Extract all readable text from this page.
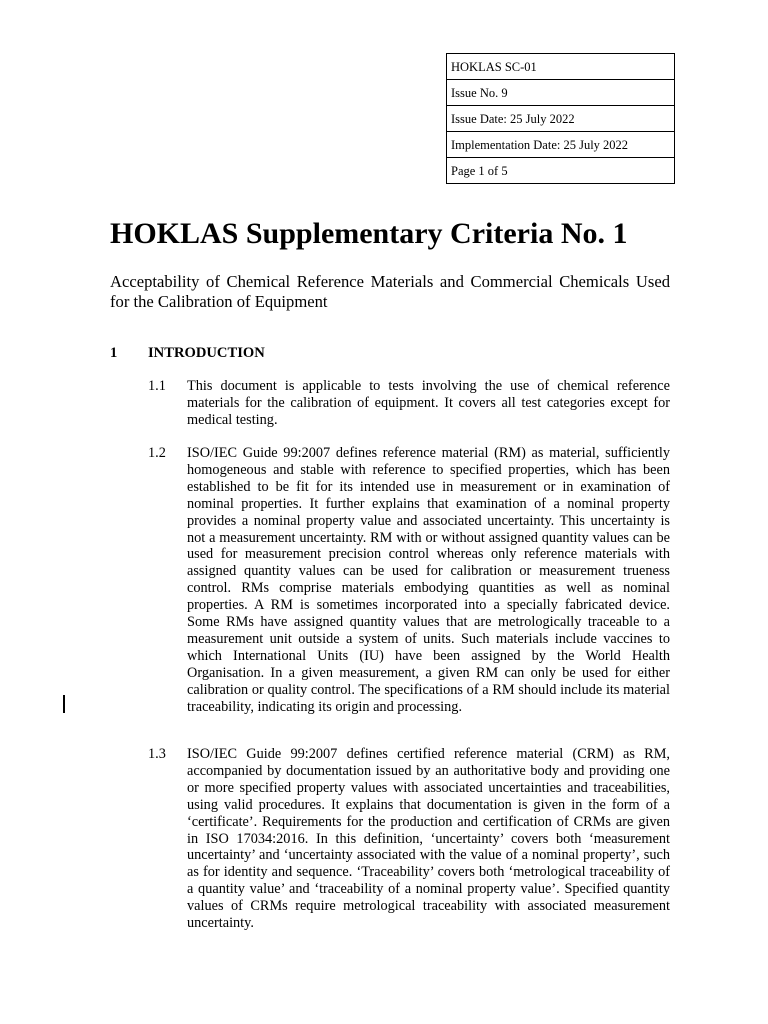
HOKLAS SC-01
Issue No. 9
Issue Date: 25 July 2022
Implementation Date: 25 July 2022
Page 1 of 5
HOKLAS Supplementary Criteria No. 1

Acceptability of Chemical Reference Materials and Commercial Chemicals Used for the Calibration of Equipment

1 INTRODUCTION
1.1 This document is applicable to tests involving the use of chemical reference materials for the calibration of equipment. It covers all test categories except for medical testing.
1.2 ISO/IEC Guide 99:2007 defines reference material (RM) as material, sufficiently homogeneous and stable with reference to specified properties, which has been established to be fit for its intended use in measurement or in examination of nominal properties. It further explains that examination of a nominal property provides a nominal property value and associated uncertainty. This uncertainty is not a measurement uncertainty. RM with or without assigned quantity values can be used for measurement precision control whereas only reference materials with assigned quantity values can be used for calibration or measurement trueness control. RMs comprise materials embodying quantities as well as nominal properties. A RM is sometimes incorporated into a specially fabricated device. Some RMs have assigned quantity values that are metrologically traceable to a measurement unit outside a system of units. Such materials include vaccines to which International Units (IU) have been assigned by the World Health Organisation. In a given measurement, a given RM can only be used for either calibration or quality control. The specifications of a RM should include its material traceability, indicating its origin and processing.
1.3 ISO/IEC Guide 99:2007 defines certified reference material (CRM) as RM, accompanied by documentation issued by an authoritative body and providing one or more specified property values with associated uncertainties and traceabilities, using valid procedures. It explains that documentation is given in the form of a ‘certificate’. Requirements for the production and certification of CRMs are given in ISO 17034:2016. In this definition, ‘uncertainty’ covers both ‘measurement uncertainty’ and ‘uncertainty associated with the value of a nominal property’, such as for identity and sequence. ‘Traceability’ covers both ‘metrological traceability of a quantity value’ and ‘traceability of a nominal property value’. Specified quantity values of CRMs require metrological traceability with associated measurement uncertainty.
